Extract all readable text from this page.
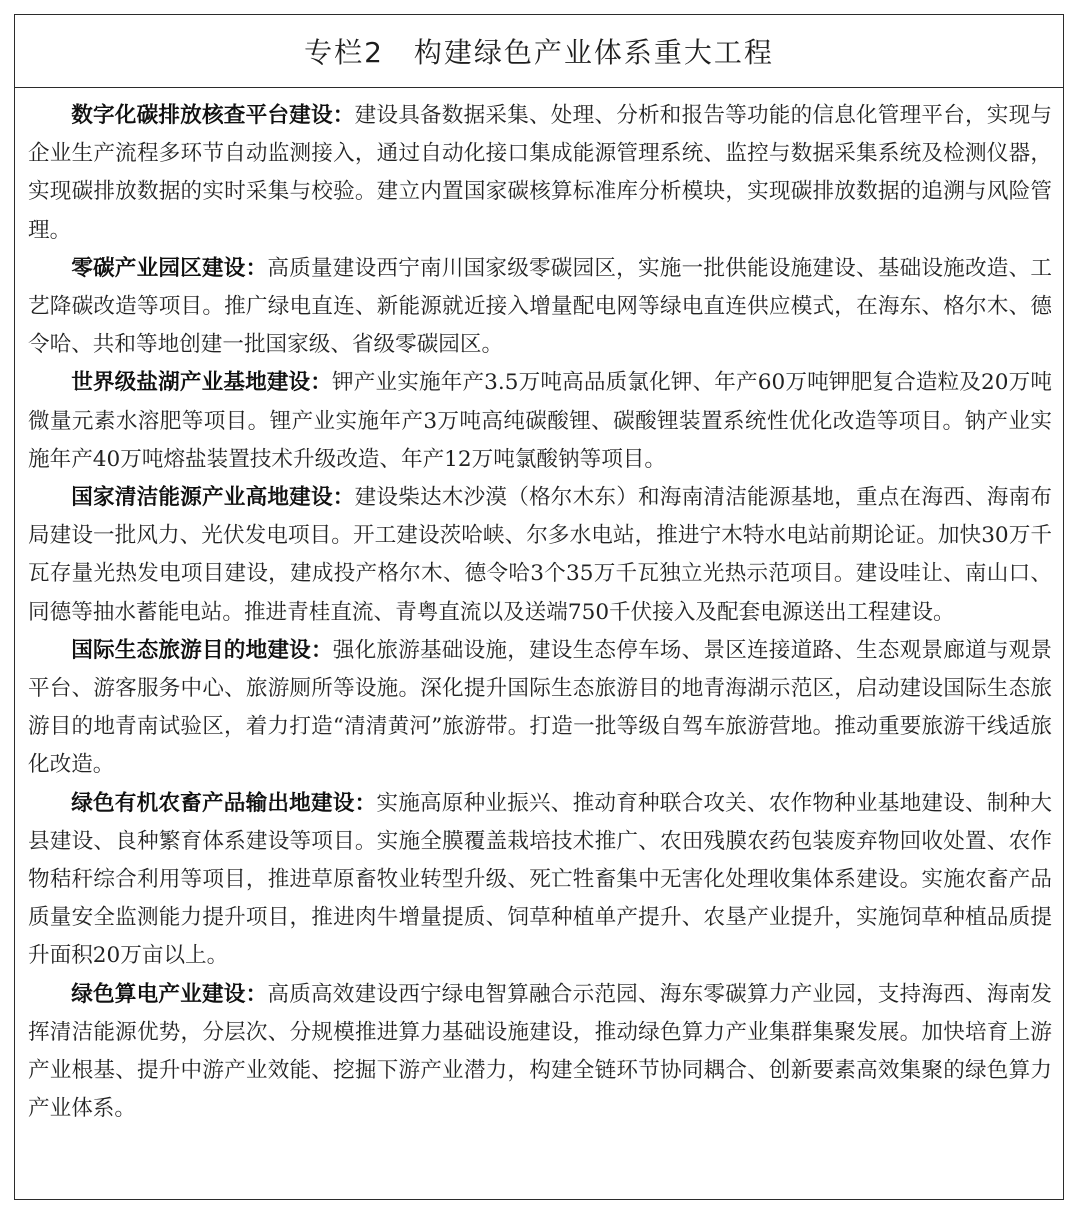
专栏2 构建绿色产业体系重大工程

数字化碳排放核查平台建设：建设具备数据采集、处理、分析和报告等功能的信息化管理平台，实现与企业生产流程多环节自动监测接入，通过自动化接口集成能源管理系统、监控与数据采集系统及检测仪器，实现碳排放数据的实时采集与校验。建立内置国家碳核算标准库分析模块，实现碳排放数据的追溯与风险管理。

零碳产业园区建设：高质量建设西宁南川国家级零碳园区，实施一批供能设施建设、基础设施改造、工艺降碳改造等项目。推广绿电直连、新能源就近接入增量配电网等绿电直连供应模式，在海东、格尔木、德令哈、共和等地创建一批国家级、省级零碳园区。

世界级盐湖产业基地建设：钾产业实施年产3.5万吨高品质氯化钾、年产60万吨钾肥复合造粒及20万吨微量元素水溶肥等项目。锂产业实施年产3万吨高纯碳酸锂、碳酸锂装置系统性优化改造等项目。钠产业实施年产40万吨熔盐装置技术升级改造、年产12万吨氯酸钠等项目。

国家清洁能源产业高地建设：建设柴达木沙漠（格尔木东）和海南清洁能源基地，重点在海西、海南布局建设一批风力、光伏发电项目。开工建设茨哈峡、尔多水电站，推进宁木特水电站前期论证。加快30万千瓦存量光热发电项目建设，建成投产格尔木、德令哈3个35万千瓦独立光热示范项目。建设哇让、南山口、同德等抽水蓄能电站。推进青桂直流、青粤直流以及送端750千伏接入及配套电源送出工程建设。

国际生态旅游目的地建设：强化旅游基础设施，建设生态停车场、景区连接道路、生态观景廊道与观景平台、游客服务中心、旅游厕所等设施。深化提升国际生态旅游目的地青海湖示范区，启动建设国际生态旅游目的地青南试验区，着力打造“清清黄河”旅游带。打造一批等级自驾车旅游营地。推动重要旅游干线适旅化改造。

绿色有机农畜产品输出地建设：实施高原种业振兴、推动育种联合攻关、农作物种业基地建设、制种大县建设、良种繁育体系建设等项目。实施全膜覆盖栽培技术推广、农田残膜农药包装废弃物回收处置、农作物秸秆综合利用等项目，推进草原畜牧业转型升级、死亡牲畜集中无害化处理收集体系建设。实施农畜产品质量安全监测能力提升项目，推进肉牛增量提质、饲草种植单产提升、农垦产业提升，实施饲草种植品质提升面积20万亩以上。

绿色算电产业建设：高质高效建设西宁绿电智算融合示范园、海东零碳算力产业园，支持海西、海南发挥清洁能源优势，分层次、分规模推进算力基础设施建设，推动绿色算力产业集群集聚发展。加快培育上游产业根基、提升中游产业效能、挖掘下游产业潜力，构建全链环节协同耦合、创新要素高效集聚的绿色算力产业体系。
